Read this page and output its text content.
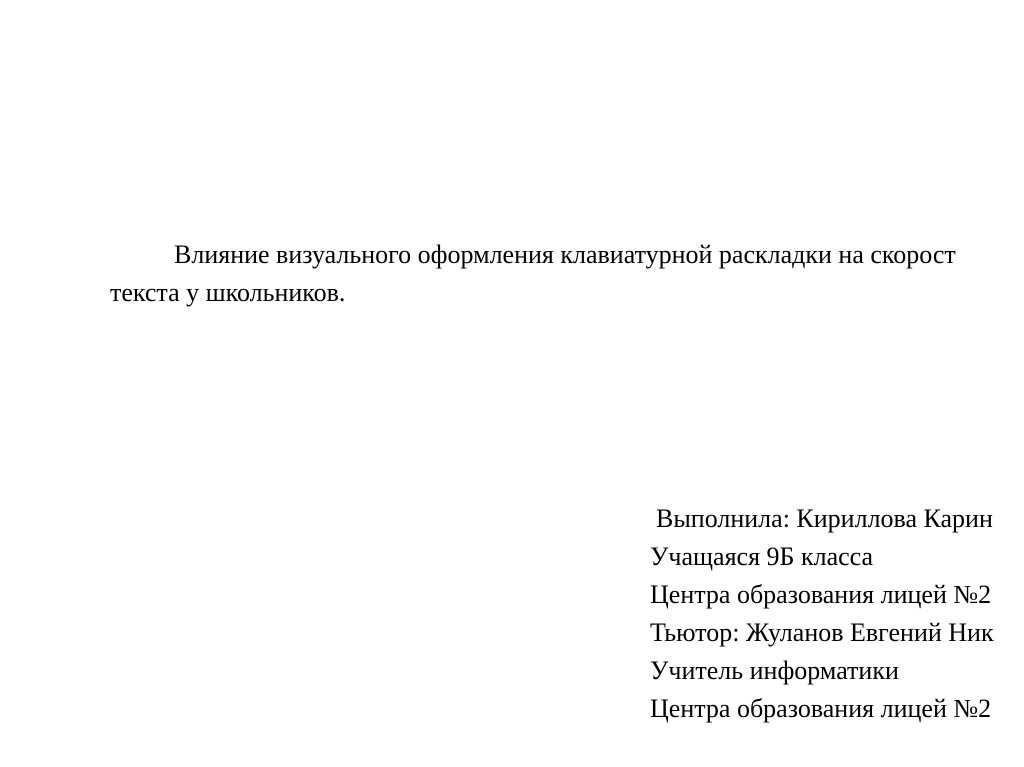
Влияние визуального оформления клавиатурной раскладки на скорост
текста у школьников.
Выполнила: Кириллова Карин
Учащаяся 9Б класса
Центра образования лицей №2
Тьютор: Жуланов Евгений Ник
Учитель информатики
Центра образования лицей №2
